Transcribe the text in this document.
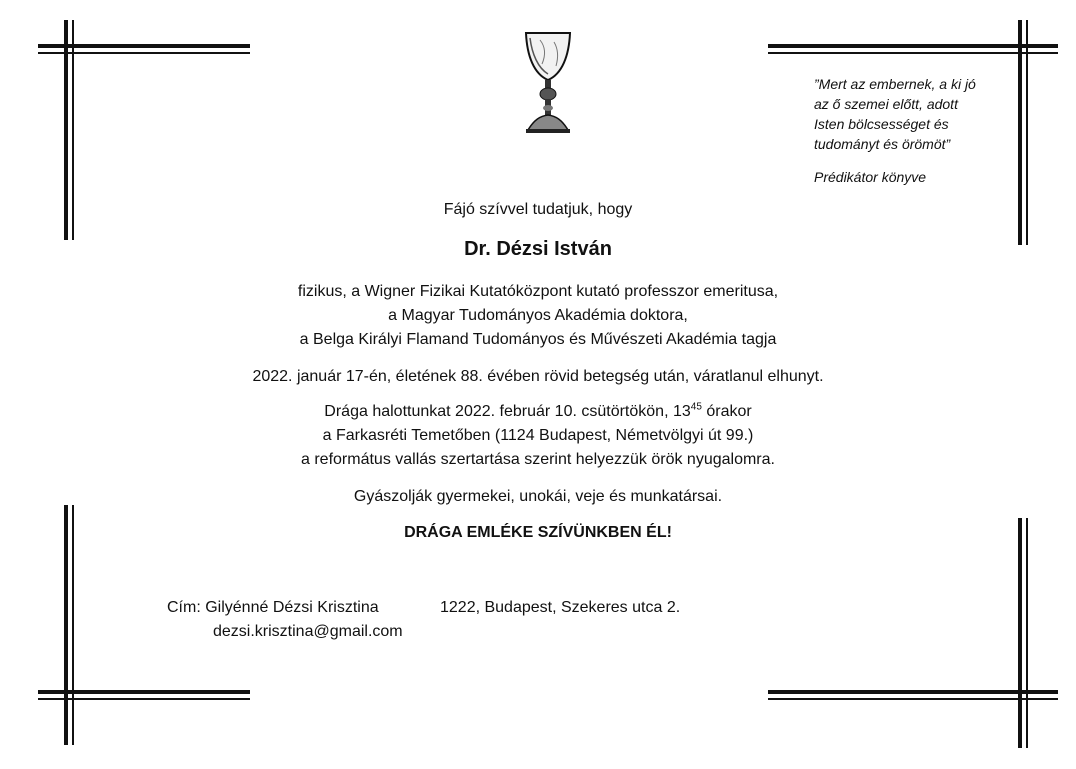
”Mert az embernek, a ki jó
az ő szemei előtt, adott
Isten bölcsességet és
tudományt és örömöt”
Prédikátor könyve
Fájó szívvel tudatjuk, hogy
Dr. Dézsi István
fizikus, a Wigner Fizikai Kutatóközpont kutató professzor emeritusa,
a Magyar Tudományos Akadémia doktora,
a Belga Királyi Flamand Tudományos és Művészeti Akadémia tagja
2022. január 17-én, életének 88. évében rövid betegség után, váratlanul elhunyt.
Drága halottunkat 2022. február 10. csütörtökön, $13^{45}$ órakor
a Farkasréti Temetőben (1124 Budapest, Németvölgyi út 99.)
a református vallás szertartása szerint helyezzük örök nyugalomra.
Gyászolják gyermekei, unokái, veje és munkatársai.
DRÁGA EMLÉKE SZÍVÜNKBEN ÉL!
Cím: Gilyénné Dézsi Krisztina	1222, Budapest, Szekeres utca 2.
dezsi.krisztina@gmail.com
